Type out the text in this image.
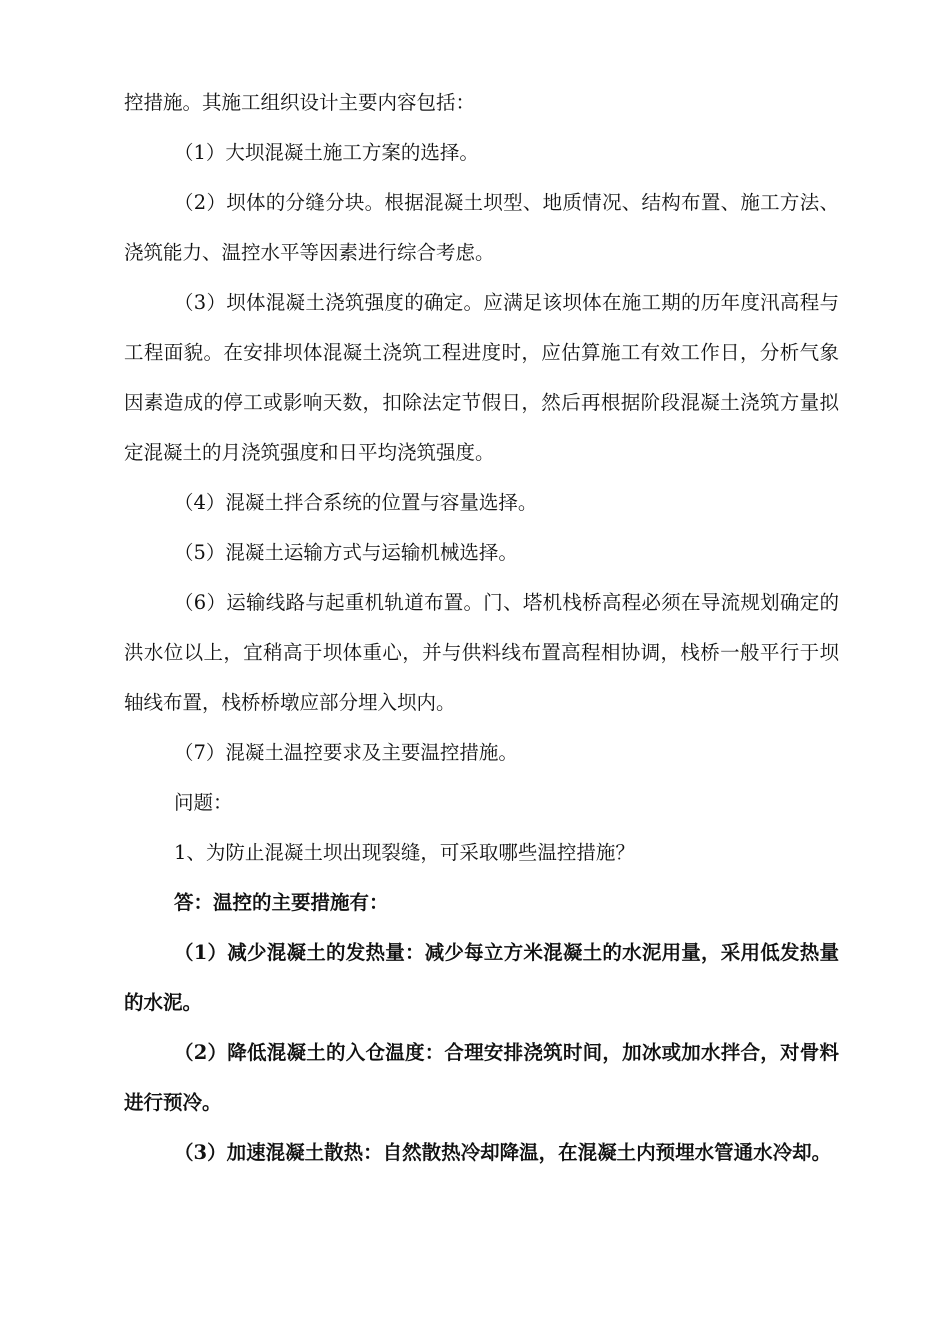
控措施。其施工组织设计主要内容包括：

（1）大坝混凝土施工方案的选择。

（2）坝体的分缝分块。根据混凝土坝型、地质情况、结构布置、施工方法、浇筑能力、温控水平等因素进行综合考虑。

（3）坝体混凝土浇筑强度的确定。应满足该坝体在施工期的历年度汛高程与工程面貌。在安排坝体混凝土浇筑工程进度时，应估算施工有效工作日，分析气象因素造成的停工或影响天数，扣除法定节假日，然后再根据阶段混凝土浇筑方量拟定混凝土的月浇筑强度和日平均浇筑强度。

（4）混凝土拌合系统的位置与容量选择。

（5）混凝土运输方式与运输机械选择。

（6）运输线路与起重机轨道布置。门、塔机栈桥高程必须在导流规划确定的洪水位以上，宜稍高于坝体重心，并与供料线布置高程相协调，栈桥一般平行于坝轴线布置，栈桥桥墩应部分埋入坝内。

（7）混凝土温控要求及主要温控措施。

问题：

1、为防止混凝土坝出现裂缝，可采取哪些温控措施？

答：温控的主要措施有：

（1）减少混凝土的发热量：减少每立方米混凝土的水泥用量，采用低发热量的水泥。

（2）降低混凝土的入仓温度：合理安排浇筑时间，加冰或加水拌合，对骨料进行预冷。

（3）加速混凝土散热：自然散热冷却降温，在混凝土内预埋水管通水冷却。
